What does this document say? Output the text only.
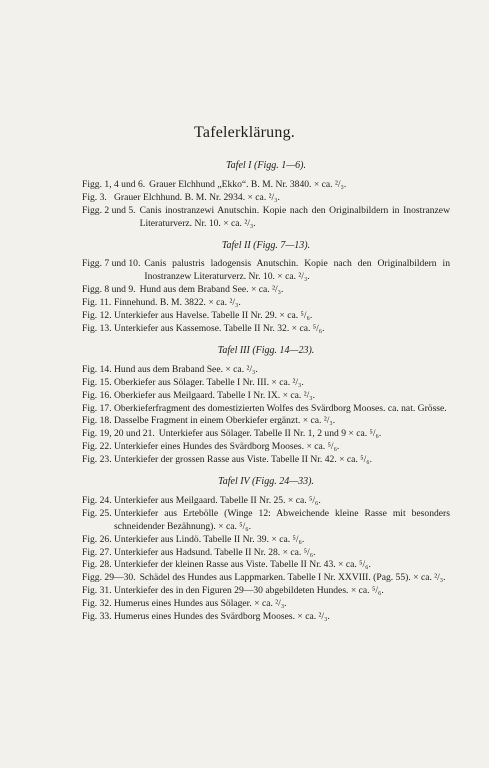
Tafelerklärung.
Tafel I (Figg. 1—6).
Figg. 1, 4 und 6. Grauer Elchhund „Ekko“. B. M. Nr. 3840. × ca. ²/₃.
Fig. 3. Grauer Elchhund. B. M. Nr. 2934. × ca. ²/₃.
Figg. 2 und 5. Canis inostranzewi Anutschin. Kopie nach den Originalbildern in Inostranzew Literaturverz. Nr. 10. × ca. ²/₃.
Tafel II (Figg. 7—13).
Figg. 7 und 10. Canis palustris ladogensis Anutschin. Kopie nach den Originalbildern in Inostranzew Literaturverz. Nr. 10. × ca. ²/₃.
Figg. 8 und 9. Hund aus dem Braband See. × ca. ²/₃.
Fig. 11. Finnehund. B. M. 3822. × ca. ²/₃.
Fig. 12. Unterkiefer aus Havelse. Tabelle II Nr. 29. × ca. ⁵/₆.
Fig. 13. Unterkiefer aus Kassemose. Tabelle II Nr. 32. × ca. ⁵/₆.
Tafel III (Figg. 14—23).
Fig. 14. Hund aus dem Braband See. × ca. ²/₃.
Fig. 15. Oberkiefer aus Sölager. Tabelle I Nr. III. × ca. ²/₃.
Fig. 16. Oberkiefer aus Meilgaard. Tabelle I Nr. IX. × ca. ²/₃.
Fig. 17. Oberkieferfragment des domestizierten Wolfes des Svärdborg Mooses. ca. nat. Grösse.
Fig. 18. Dasselbe Fragment in einem Oberkiefer ergänzt. × ca. ²/₃.
Fig. 19, 20 und 21. Unterkiefer aus Sölager. Tabelle II Nr. 1, 2 und 9 × ca. ⁵/₆.
Fig. 22. Unterkiefer eines Hundes des Svärdborg Mooses. × ca. ⁵/₆.
Fig. 23. Unterkiefer der grossen Rasse aus Viste. Tabelle II Nr. 42. × ca. ⁵/₆.
Tafel IV (Figg. 24—33).
Fig. 24. Unterkiefer aus Meilgaard. Tabelle II Nr. 25. × ca. ⁵/₆.
Fig. 25. Unterkiefer aus Ertebölle (Winge 12: Abweichende kleine Rasse mit besonders schneidender Bezähnung). × ca. ⁵/₆.
Fig. 26. Unterkiefer aus Lindö. Tabelle II Nr. 39. × ca. ⁵/₆.
Fig. 27. Unterkiefer aus Hadsund. Tabelle II Nr. 28. × ca. ⁵/₆.
Fig. 28. Unterkiefer der kleinen Rasse aus Viste. Tabelle II Nr. 43. × ca. ⁵/₆.
Figg. 29—30. Schädel des Hundes aus Lappmarken. Tabelle I Nr. XXVIII. (Pag. 55). × ca. ²/₃.
Fig. 31. Unterkiefer des in den Figuren 29—30 abgebildeten Hundes. × ca. ⁵/₆.
Fig. 32. Humerus eines Hundes aus Sölager. × ca. ²/₃.
Fig. 33. Humerus eines Hundes des Svärdborg Mooses. × ca. ²/₃.
